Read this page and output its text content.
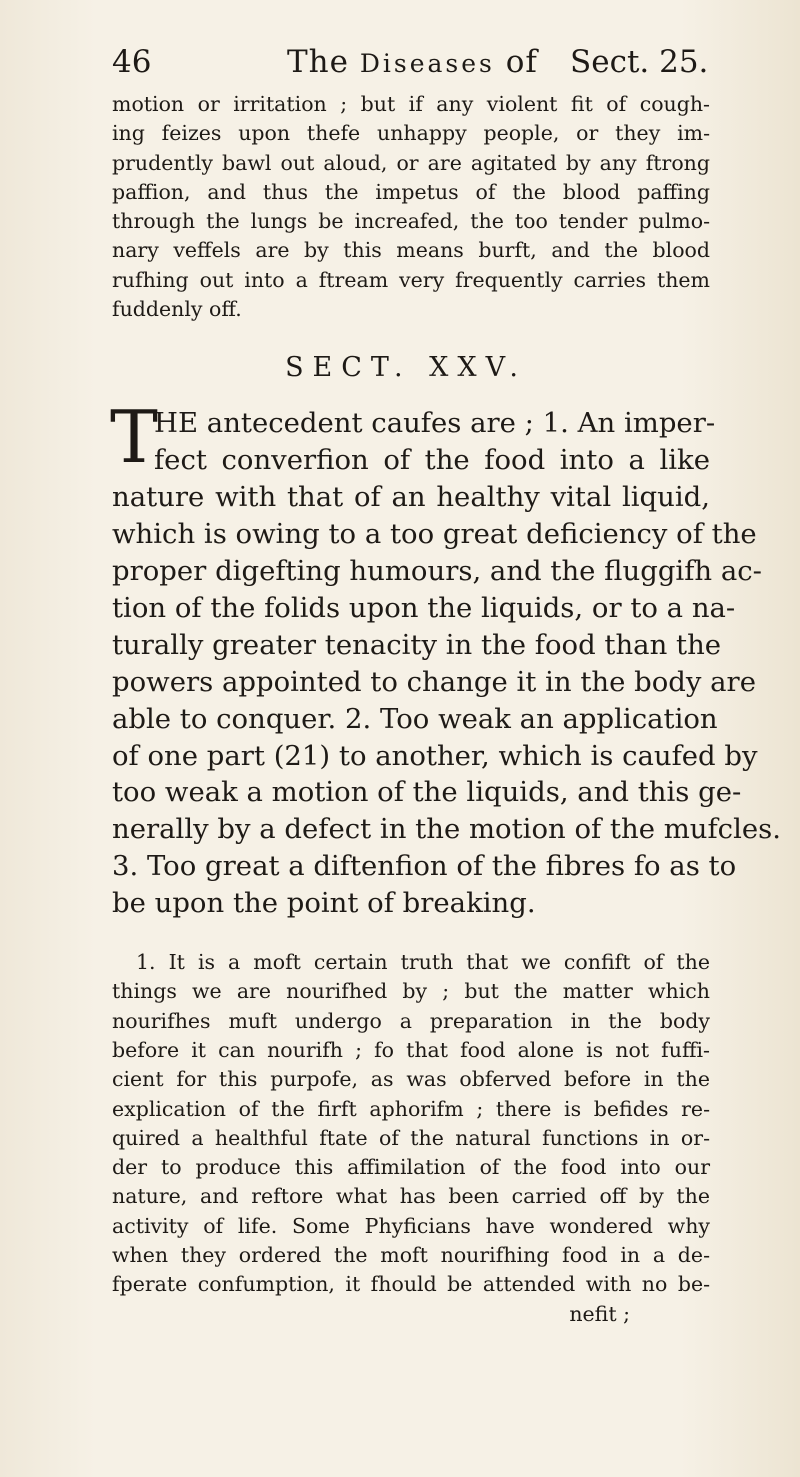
46	The Diseases of Sect. 25.
motion or irritation ; but if any violent fit of cough-
ing feizes upon thefe unhappy people, or they im-
prudently bawl out aloud, or are agitated by any ftrong
paffion, and thus the impetus of the blood paffing
through the lungs be increafed, the too tender pulmo-
nary veffels are by this means burft, and the blood
rufhing out into a ftream very frequently carries them
fuddenly off.
SECT. XXV.
T
HE antecedent caufes are ; 1. An imper-
fect converfion of the food into a like
nature with that of an healthy vital liquid,
which is owing to a too great deficiency of the
proper digefting humours, and the fluggifh ac-
tion of the folids upon the liquids, or to a na-
turally greater tenacity in the food than the
powers appointed to change it in the body are
able to conquer. 2. Too weak an application
of one part (21) to another, which is caufed by
too weak a motion of the liquids, and this ge-
nerally by a defect in the motion of the mufcles.
3. Too great a diftenfion of the fibres fo as to
be upon the point of breaking.
1. It is a moft certain truth that we confift of the
things we are nourifhed by ; but the matter which
nourifhes muft undergo a preparation in the body
before it can nourifh ; fo that food alone is not fuffi-
cient for this purpofe, as was obferved before in the
explication of the firft aphorifm ; there is befides re-
quired a healthful ftate of the natural functions in or-
der to produce this affimilation of the food into our
nature, and reftore what has been carried off by the
activity of life. Some Phyficians have wondered why
when they ordered the moft nourifhing food in a de-
fperate confumption, it fhould be attended with no be-
nefit ;
